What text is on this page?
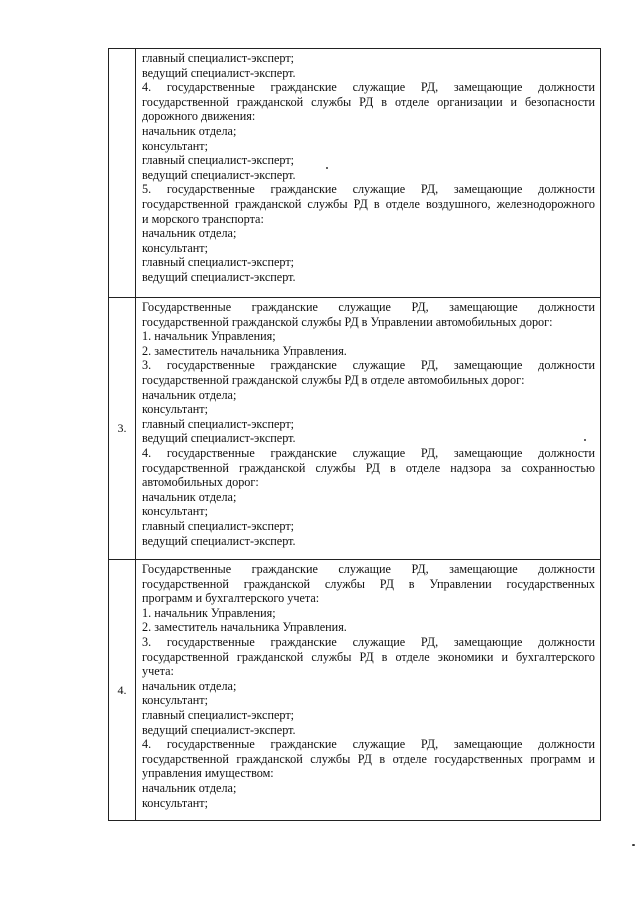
главный специалист-эксперт;
ведущий специалист-эксперт.
4. государственные гражданские служащие РД, замещающие должности
государственной гражданской службы РД в отделе организации и безопасности
дорожного движения:
начальник отдела;
консультант;
главный специалист-эксперт;
ведущий специалист-эксперт.
5. государственные гражданские служащие РД, замещающие должности
государственной гражданской службы РД в отделе воздушного, железнодорожного
и морского транспорта:
начальник отдела;
консультант;
главный специалист-эксперт;
ведущий специалист-эксперт.
3.
Государственные гражданские служащие РД, замещающие должности
государственной гражданской службы РД в Управлении автомобильных дорог:
1. начальник Управления;
2. заместитель начальника Управления.
3. государственные гражданские служащие РД, замещающие должности
государственной гражданской службы РД в отделе автомобильных дорог:
начальник отдела;
консультант;
главный специалист-эксперт;
ведущий специалист-эксперт.
4. государственные гражданские служащие РД, замещающие должности
государственной гражданской службы РД в отделе надзора за сохранностью
автомобильных дорог:
начальник отдела;
консультант;
главный специалист-эксперт;
ведущий специалист-эксперт.
4.
Государственные гражданские служащие РД, замещающие должности
государственной гражданской службы РД в Управлении государственных
программ и бухгалтерского учета:
1. начальник Управления;
2. заместитель начальника Управления.
3. государственные гражданские служащие РД, замещающие должности
государственной гражданской службы РД в отделе экономики и бухгалтерского
учета:
начальник отдела;
консультант;
главный специалист-эксперт;
ведущий специалист-эксперт.
4. государственные гражданские служащие РД, замещающие должности
государственной гражданской службы РД в отделе государственных программ и
управления имуществом:
начальник отдела;
консультант;
